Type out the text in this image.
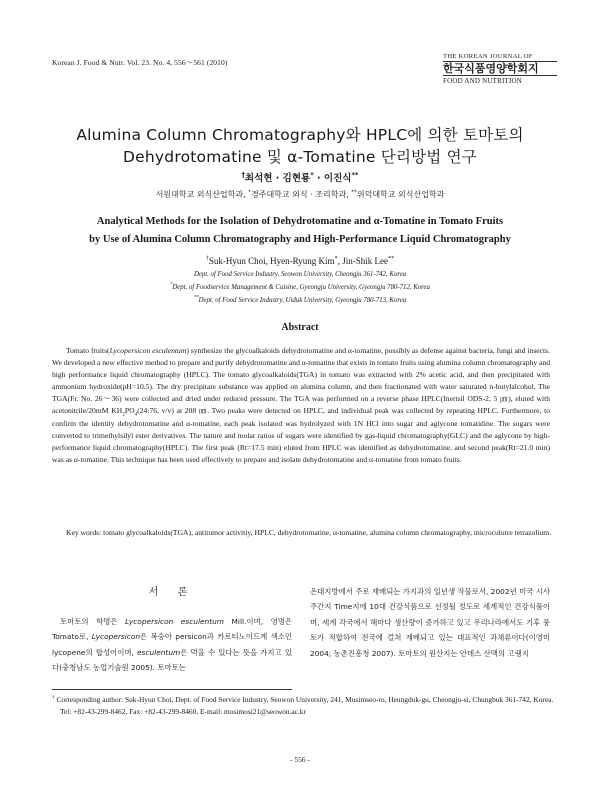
Korean J. Food & Nutr. Vol. 23. No. 4, 556～561 (2010)
THE KOREAN JOURNAL OF
한국식품영양학회지
FOOD AND NUTRITION
Alumina Column Chromatography와 HPLC에 의한 토마토의
Dehydrotomatine 및 α-Tomatine 단리방법 연구
†최석현 · 김현룡* · 이진식**
서원대학교 외식산업학과, *경주대학교 외식 · 조리학과, **위덕대학교 외식산업학과
Analytical Methods for the Isolation of Dehydrotomatine and α-Tomatine in Tomato Fruits
by Use of Alumina Column Chromatography and High-Performance Liquid Chromatography
†Suk-Hyun Choi, Hyen-Ryung Kim*, Jin-Shik Lee**
Dept. of Food Service Industry, Seowon University, Cheongju 361-742, Korea
*Dept. of Foodservice Management & Cuisine, Gyeongju University, Gyeongju 780-712, Korea
**Dept. of Food Service Industry, Uiduk University, Gyeongju 780-713, Korea
Abstract

Tomato fruits(Lycopersicon esculentum) synthesize the glycoalkaloids dehydrotomatine and α-tomatine, possibly as defense against bacteria, fungi and insects. We developed a new effective method to prepare and purify dehydrotomatine and α-tomatine that exists in tomato fruits using alumina column chromatography and high performance liquid chromatography (HPLC). The tomato glycoalkaloids(TGA) in tomato was extracted with 2% acetic acid, and then precipitated with ammonium hydroxide(pH=10.5). The dry precipitate substance was applied on alumina column, and then fractionated with water saturated n-butylalcohol. The TGA(Fr. No. 26～36) were collected and dried under reduced pressure. The TGA was performed on a reverse phase HPLC(Inertsil ODS-2, 5 ㎛), eluted with acetonitrile/20mM $KH_2PO_4(24:76$, v/v) at 208 ㎚. Two peaks were detected on HPLC, and individual peak was collected by repeating HPLC. Furthermore, to confirm the identity dehydrotomatine and α-tomatine, each peak isolated was hydrolyzed with 1N HCl into sugar and aglycone tomatidine. The sugars were converted to trimethylsilyl ester derivatives. The nature and molar ratios of sugars were identified by gas-liquid chromatography(GLC) and the aglycone by high-performance liquid chromatography(HPLC). The first peak (Rt=17.5 min) eluted from HPLC was identified as dehydrotomatine, and second peak(Rt=21.0 min) was as α-tomatine. This technique has been used effectively to prepare and isolate dehydrotomatine and α-tomatine from tomato fruits.

Key words: tomato glycoalkaloids(TGA), antitumor activitiy, HPLC, dehydrotomatine, α-tomatine, alumina column chromatography, microculutre tetrazolium.

서 론

토마토의 학명은 Lycopersicon esculentum Mill.이며, 영명은 Tomato로, Lycopersicon은 복숭아 persicon과 카로티노이드계 색소인 lycopene의 합성어이며, esculentum은 먹을 수 있다는 뜻을 가지고 있다(충청남도 농업기술원 2005). 토마토는

온대지방에서 주로 재배되는 가지과의 일년생 작물로서, 2002년 미국 시사주간지 Time지에 10대 건강식품으로 선정될 정도로 세계적인 건강식품이며, 세계 각국에서 해마다 생산량이 증가하고 있고 우리나라에서도 기후 풍토가 적합하여 전국에 걸쳐 재배되고 있는 대표적인 과채류이다(이영미 2004; 농촌진흥청 2007). 토마토의 원산지는 안데스 산맥의 고랭지

† Corresponding author: Suk-Hyun Choi, Dept. of Food Service Industry, Seowon University, 241, Musimseo-ro, Heungduk-gu, Cheongju-si, Chungbuk 361-742, Korea. Tel: +82-43-299-8462, Fax: +82-43-299-8460, E-mail: mosimosi21@seowon.ac.kr

- 556 -
